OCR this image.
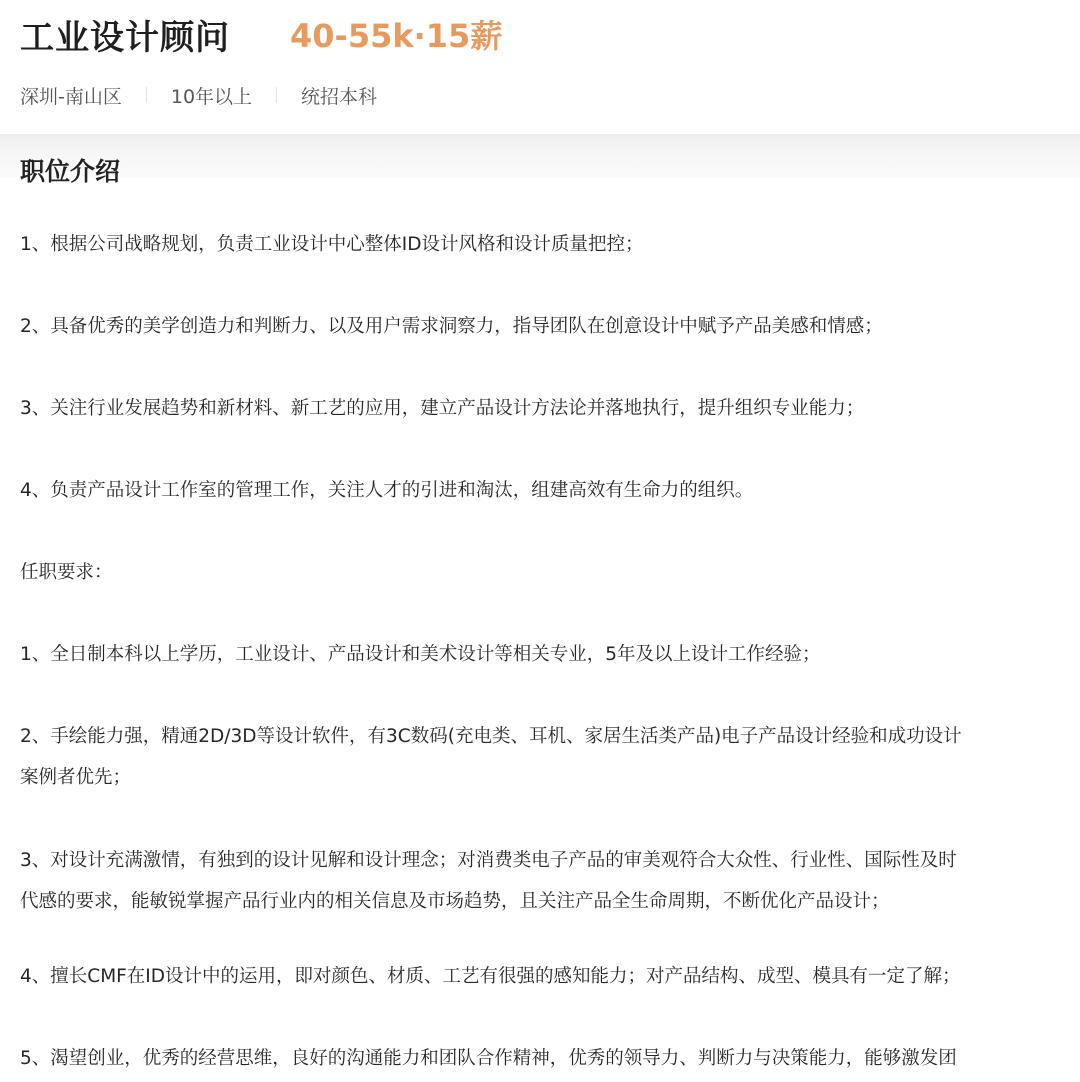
工业设计顾问 40-55k·15薪
深圳-南山区	10年以上	统招本科
职位介绍
1、根据公司战略规划，负责工业设计中心整体ID设计风格和设计质量把控；
2、具备优秀的美学创造力和判断力、以及用户需求洞察力，指导团队在创意设计中赋予产品美感和情感；
3、关注行业发展趋势和新材料、新工艺的应用，建立产品设计方法论并落地执行，提升组织专业能力；
4、负责产品设计工作室的管理工作，关注人才的引进和淘汰，组建高效有生命力的组织。
任职要求：
1、全日制本科以上学历，工业设计、产品设计和美术设计等相关专业，5年及以上设计工作经验；
2、手绘能力强，精通2D/3D等设计软件，有3C数码(充电类、耳机、家居生活类产品)电子产品设计经验和成功设计
案例者优先；
3、对设计充满激情，有独到的设计见解和设计理念；对消费类电子产品的审美观符合大众性、行业性、国际性及时
代感的要求，能敏锐掌握产品行业内的相关信息及市场趋势，且关注产品全生命周期，不断优化产品设计；
4、擅长CMF在ID设计中的运用，即对颜色、材质、工艺有很强的感知能力；对产品结构、成型、模具有一定了解；
5、渴望创业，优秀的经营思维，良好的沟通能力和团队合作精神，优秀的领导力、判断力与决策能力，能够激发团
